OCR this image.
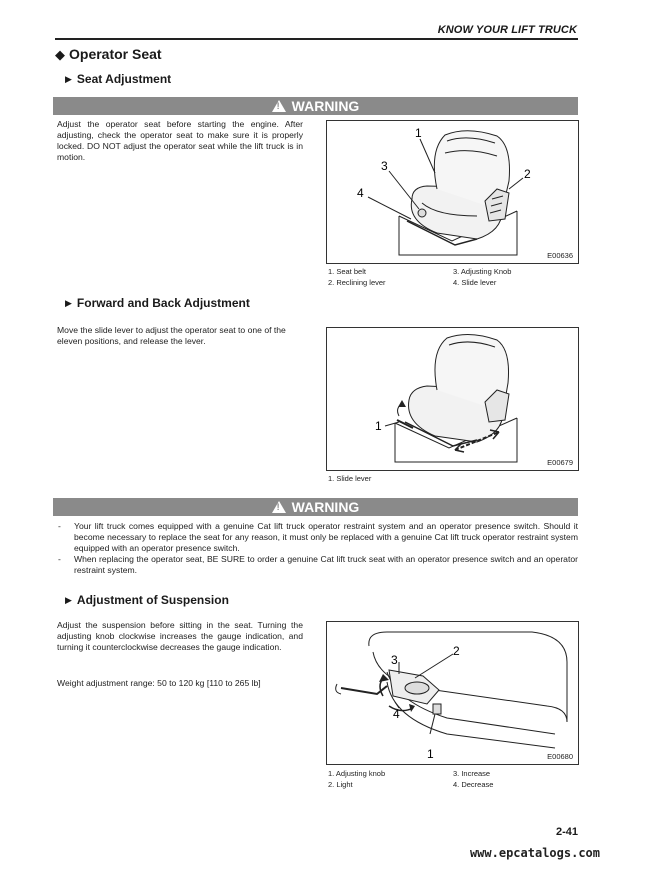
KNOW YOUR LIFT TRUCK
◆ Operator Seat
▶ Seat Adjustment
!WARNING
Adjust the operator seat before starting the engine. After adjusting, check the operator seat to make sure it is properly locked. DO NOT adjust the operator seat while the lift truck is in motion.
1
2
3
4
E00636
1. Seat belt
2. Reclining lever
3. Adjusting Knob
4. Slide lever
▶ Forward and Back Adjustment
Move the slide lever to adjust the operator seat to one of the eleven positions, and release the lever.
1
E00679
1. Slide lever
!WARNING
- Your lift truck comes equipped with a genuine Cat lift truck operator restraint system and an operator presence switch. Should it become necessary to replace the seat for any reason, it must only be replaced with a genuine Cat lift truck operator restraint system equipped with an operator presence switch.
- When replacing the operator seat, BE SURE to order a genuine Cat lift truck seat with an operator presence switch and an operator restraint system.
▶ Adjustment of Suspension
Adjust the suspension before sitting in the seat. Turning the adjusting knob clockwise increases the gauge indication, and turning it counterclockwise decreases the gauge indication.
Weight adjustment range: 50 to 120 kg [110 to 265 lb]
2
3
4
1	E00680
1. Adjusting knob
2. Light
3. Increase
4. Decrease
2-41
www.epcatalogs.com
